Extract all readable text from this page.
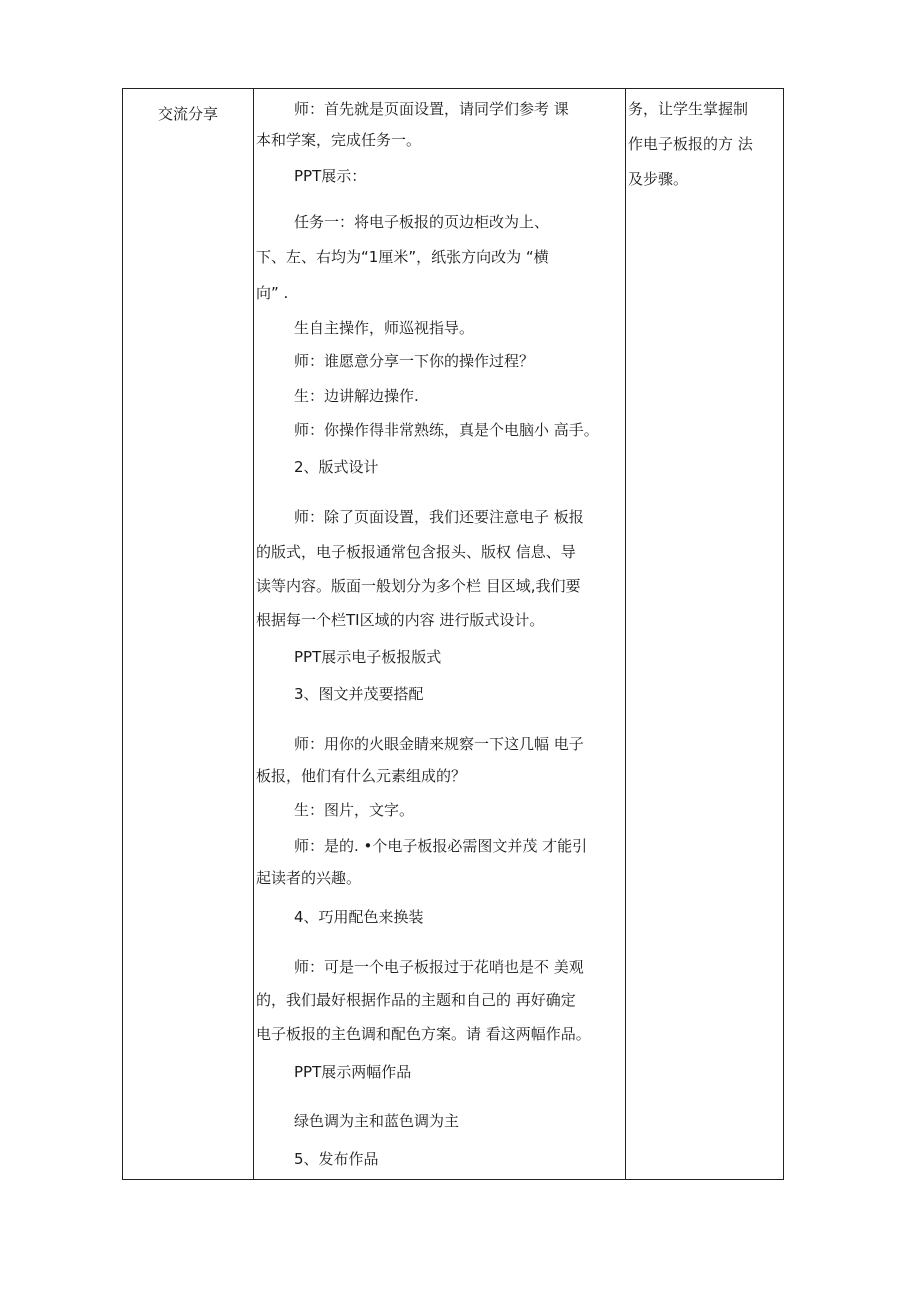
交流分享	师：首先就是页面设置，请同学们参考 课
本和学案，完成任务一。
PPT展示：
任务一：将电子板报的页边柜改为上、
下、左、右均为“1厘米”，纸张方向改为 “横
向” .
生自主操作，师巡视指导。
师：谁愿意分享一下你的操作过程？
生：边讲解边操作.
师：你操作得非常熟练，真是个电脑小 高手。
2、版式设计
师：除了页面设置，我们还要注意电子 板报
的版式，电子板报通常包含报头、版权 信息、导
读等内容。版面一般划分为多个栏 目区域,我们要
根据每一个栏ΤΙ区域的内容 进行版式设计。
PPT展示电子板报版式
3、图文并茂要搭配
师：用你的火眼金睛来规察一下这几幅 电子
板报，他们有什么元素组成的？
生：图片，文字。
师：是的. •个电子板报必需图文并茂 才能引
起读者的兴趣。
4、巧用配色来换装
师：可是一个电子板报过于花哨也是不 美观
的，我们最好根据作品的主题和自己的 再好确定
电子板报的主色调和配色方案。请 看这两幅作品。
PPT展示两幅作品
绿色调为主和蓝色调为主
5、发布作品
务，让学生掌握制
作电子板报的方 法
及步骤。
